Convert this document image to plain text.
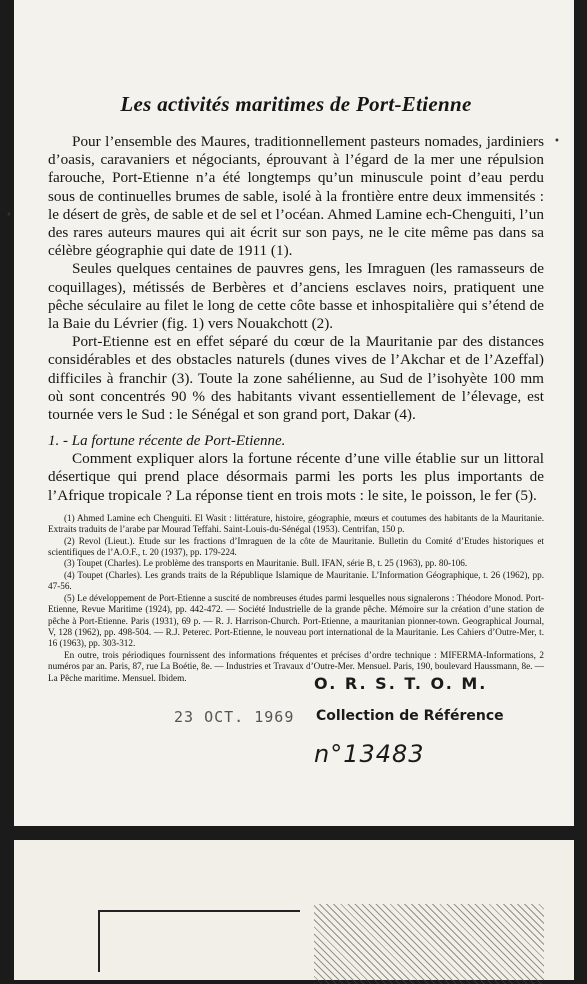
Les activités maritimes de Port-Etienne

Pour l’ensemble des Maures, traditionnellement pasteurs nomades, jardiniers d’oasis, caravaniers et négociants, éprouvant à l’égard de la mer une répulsion farouche, Port-Etienne n’a été longtemps qu’un minuscule point d’eau perdu sous de continuelles brumes de sable, isolé à la frontière entre deux immensités : le désert de grès, de sable et de sel et l’océan. Ahmed Lamine ech-Chenguiti, l’un des rares auteurs maures qui ait écrit sur son pays, ne le cite même pas dans sa célèbre géographie qui date de 1911 (1).

Seules quelques centaines de pauvres gens, les Imraguen (les ramasseurs de coquillages), métissés de Berbères et d’anciens esclaves noirs, pratiquent une pêche séculaire au filet le long de cette côte basse et inhospitalière qui s’étend de la Baie du Lévrier (fig. 1) vers Nouakchott (2).

Port-Etienne est en effet séparé du cœur de la Mauritanie par des distances considérables et des obstacles naturels (dunes vives de l’Akchar et de l’Azeffal) difficiles à franchir (3). Toute la zone sahélienne, au Sud de l’isohyète 100 mm où sont concentrés 90 % des habitants vivant essentiellement de l’élevage, est tournée vers le Sud : le Sénégal et son grand port, Dakar (4).

1. - La fortune récente de Port-Etienne.

Comment expliquer alors la fortune récente d’une ville établie sur un littoral désertique qui prend place désormais parmi les ports les plus importants de l’Afrique tropicale ? La réponse tient en trois mots : le site, le poisson, le fer (5).

(1) Ahmed Lamine ech Chenguiti. El Wasit : littérature, histoire, géographie, mœurs et coutumes des habitants de la Mauritanie. Extraits traduits de l’arabe par Mourad Teffahi. Saint-Louis-du-Sénégal (1953). Centrifan, 150 p.

(2) Revol (Lieut.). Etude sur les fractions d’Imraguen de la côte de Mauritanie. Bulletin du Comité d’Etudes historiques et scientifiques de l’A.O.F., t. 20 (1937), pp. 179-224.

(3) Toupet (Charles). Le problème des transports en Mauritanie. Bull. IFAN, série B, t. 25 (1963), pp. 80-106.

(4) Toupet (Charles). Les grands traits de la République Islamique de Mauritanie. L’Information Géographique, t. 26 (1962), pp. 47-56.

(5) Le développement de Port-Etienne a suscité de nombreuses études parmi lesquelles nous signalerons : Théodore Monod. Port-Etienne, Revue Maritime (1924), pp. 442-472. — Société Industrielle de la grande pêche. Mémoire sur la création d’une station de pêche à Port-Etienne. Paris (1931), 69 p. — R. J. Harrison-Church. Port-Etienne, a mauritanian pionner-town. Geographical Journal, V, 128 (1962), pp. 498-504. — R.J. Peterec. Port-Etienne, le nouveau port international de la Mauritanie. Les Cahiers d’Outre-Mer, t. 16 (1963), pp. 303-312.

En outre, trois périodiques fournissent des informations fréquentes et précises d’ordre technique : MIFERMA-Informations, 2 numéros par an. Paris, 87, rue La Boétie, 8e. — Industries et Travaux d’Outre-Mer. Mensuel. Paris, 190, boulevard Haussmann, 8e. — La Pêche maritime. Mensuel. Ibidem.	O. R. S. T. O. M.
23 OCT. 1969 Collection de Référence
n°13483
•
•
